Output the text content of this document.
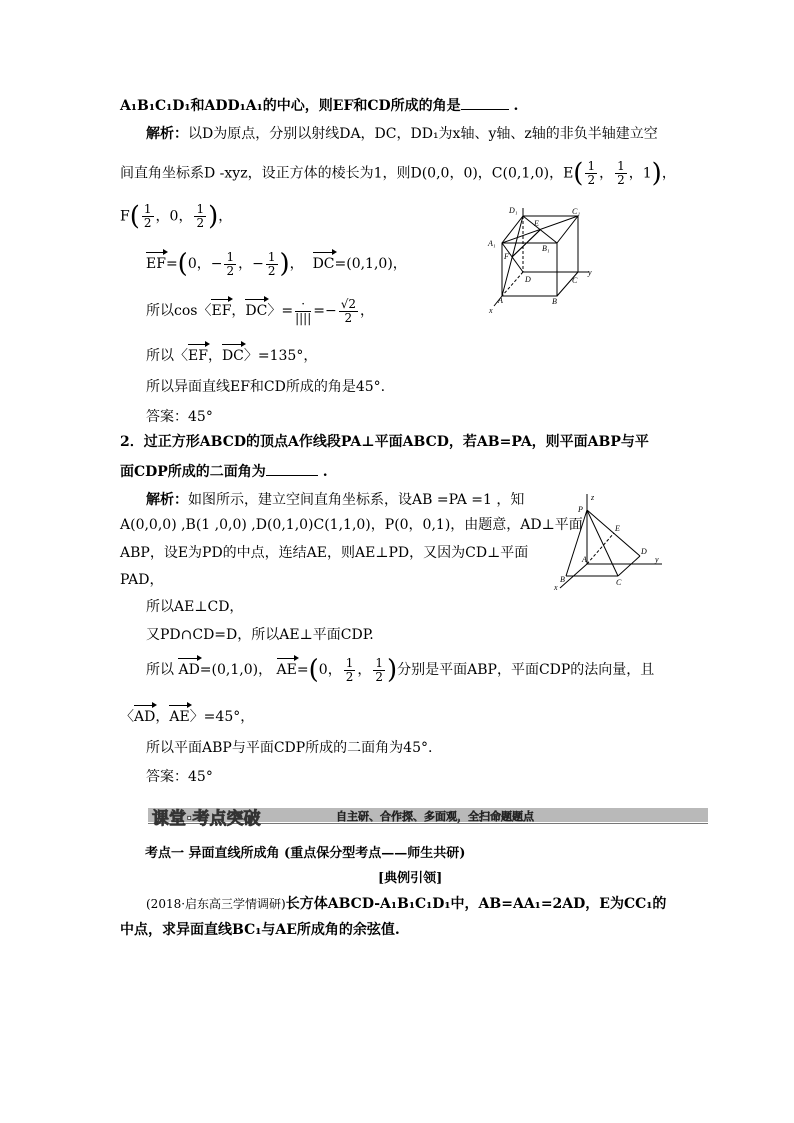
A₁B₁C₁D₁和ADD₁A₁的中心，则EF和CD所成的角是	.
解析：以D为原点，分别以射线DA，DC，DD₁为x轴、y轴、z轴的非负半轴建立空
间直角坐标系D -xyz，设正方体的棱长为1，则D(0,0，0)，C(0,1,0)，$E( \frac{1}{2}$ ， $\frac{1}{2}$ ，1)，
$F( \frac{1}{2}$ ，0， $\frac{1}{2}$ )，
EF=(0，− $\frac{1}{2}$ ，− $\frac{1}{2}$ )， DC=(0,1,0)，
所以cos〈EF，DC〉= $\frac{\cdot}{||||} =- \frac{√2}{2}$ ，
所以〈EF，DC〉=135°，
所以异面直线EF和CD所成的角是45°.
答案：45°
D₁	C₁
A₁
E
B₁
F
D	C
A	B
x
y
2．过正方形ABCD的顶点A作线段PA⊥平面ABCD，若AB=PA，则平面ABP与平
面CDP所成的二面角为	.
解析：如图所示，建立空间直角坐标系，设AB =PA =1 ，知
A(0,0,0) ,B(1 ,0,0) ,D(0,1,0)C(1,1,0)，P(0，0,1)，由题意，AD⊥平面
ABP，设E为PD的中点，连结AE，则AE⊥PD，又因为CD⊥平面
PAD，
所以AE⊥CD，
又PD∩CD=D，所以AE⊥平面CDP.
所以 AD=(0,1,0)， AE=(0， $\frac{1}{2}$ ， $\frac{1}{2}$ )分别是平面ABP，平面CDP的法向量，且
〈AD，AE〉=45°，
所以平面ABP与平面CDP所成的二面角为45°.
答案：45°
z
P
E
A
D
y
B	C
x
课堂·考点突破	自主研、合作探、多面观，全扫命题题点
考点一 异面直线所成角 (重点保分型考点——师生共研)
[典例引领]
(2018·启东高三学情调研)长方体ABCD-A₁B₁C₁D₁中，AB=AA₁=2AD，E为CC₁的
中点，求异面直线BC₁与AE所成角的余弦值.
